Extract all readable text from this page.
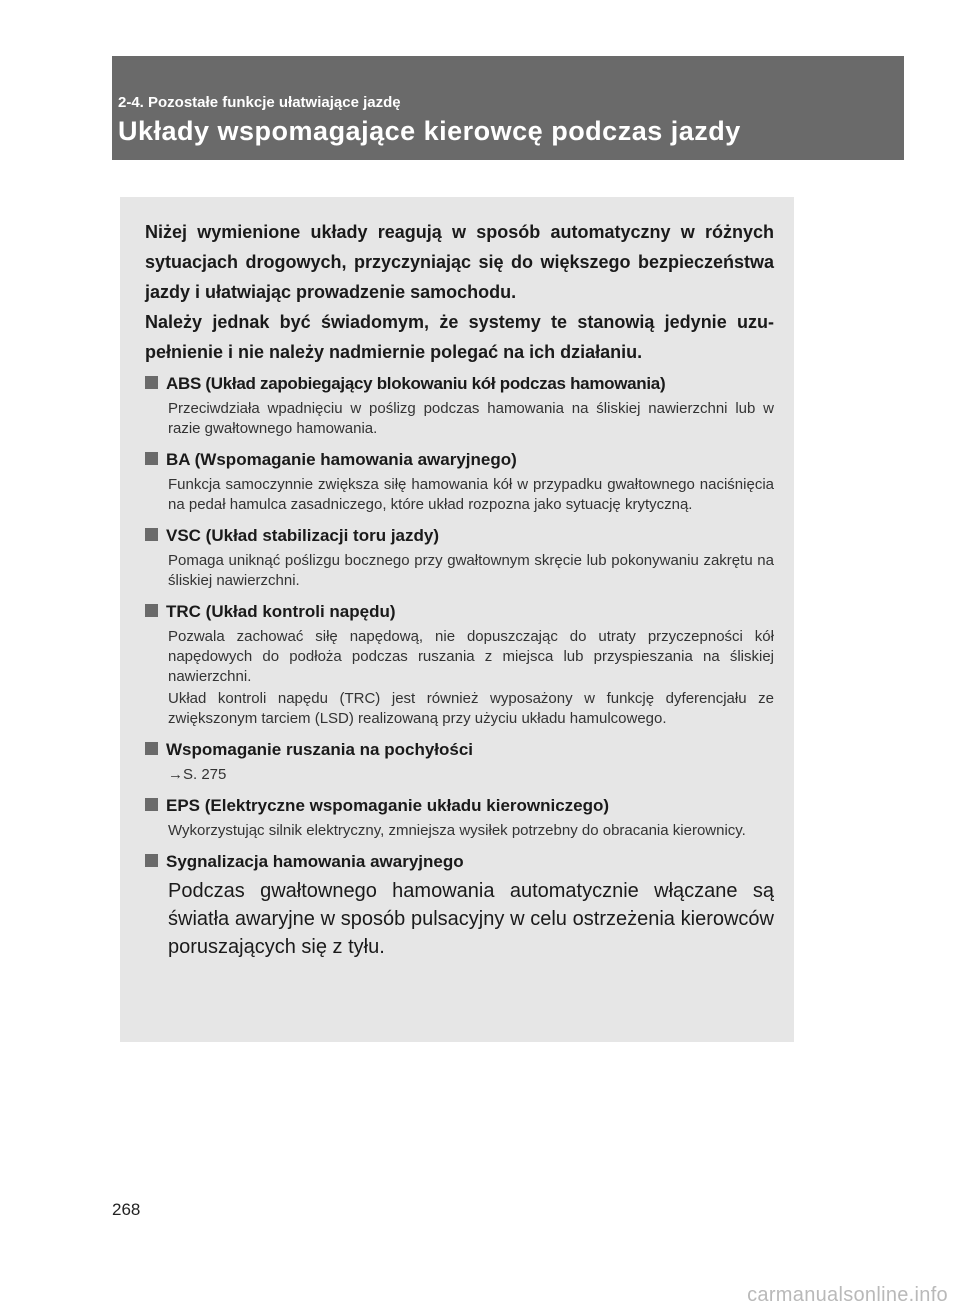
2-4. Pozostałe funkcje ułatwiające jazdę
Układy wspomagające kierowcę podczas jazdy

Niżej wymienione układy reagują w sposób automatyczny w różnych sytuacjach drogowych, przyczyniając się do większego bezpieczeństwa jazdy i ułatwiając prowadzenie samochodu.

Należy jednak być świadomym, że systemy te stanowią jedynie uzupełnienie i nie należy nadmiernie polegać na ich działaniu.

ABS (Układ zapobiegający blokowaniu kół podczas hamowania)

Przeciwdziała wpadnięciu w poślizg podczas hamowania na śliskiej nawierzchni lub w razie gwałtownego hamowania.

BA (Wspomaganie hamowania awaryjnego)

Funkcja samoczynnie zwiększa siłę hamowania kół w przypadku gwałtownego naciśnięcia na pedał hamulca zasadniczego, które układ rozpozna jako sytuację krytyczną.

VSC (Układ stabilizacji toru jazdy)

Pomaga uniknąć poślizgu bocznego przy gwałtownym skręcie lub pokonywaniu zakrętu na śliskiej nawierzchni.

TRC (Układ kontroli napędu)

Pozwala zachować siłę napędową, nie dopuszczając do utraty przyczepności kół napędowych do podłoża podczas ruszania z miejsca lub przyspieszania na śliskiej nawierzchni.

Układ kontroli napędu (TRC) jest również wyposażony w funkcję dyferencjału ze zwiększonym tarciem (LSD) realizowaną przy użyciu układu hamulcowego.

Wspomaganie ruszania na pochyłości

→S. 275

EPS (Elektryczne wspomaganie układu kierowniczego)

Wykorzystując silnik elektryczny, zmniejsza wysiłek potrzebny do obracania kierownicy.

Sygnalizacja hamowania awaryjnego

Podczas gwałtownego hamowania automatycznie włączane są światła awaryjne w sposób pulsacyjny w celu ostrzeżenia kierowców poruszających się z tyłu.

268
carmanualsonline.info
